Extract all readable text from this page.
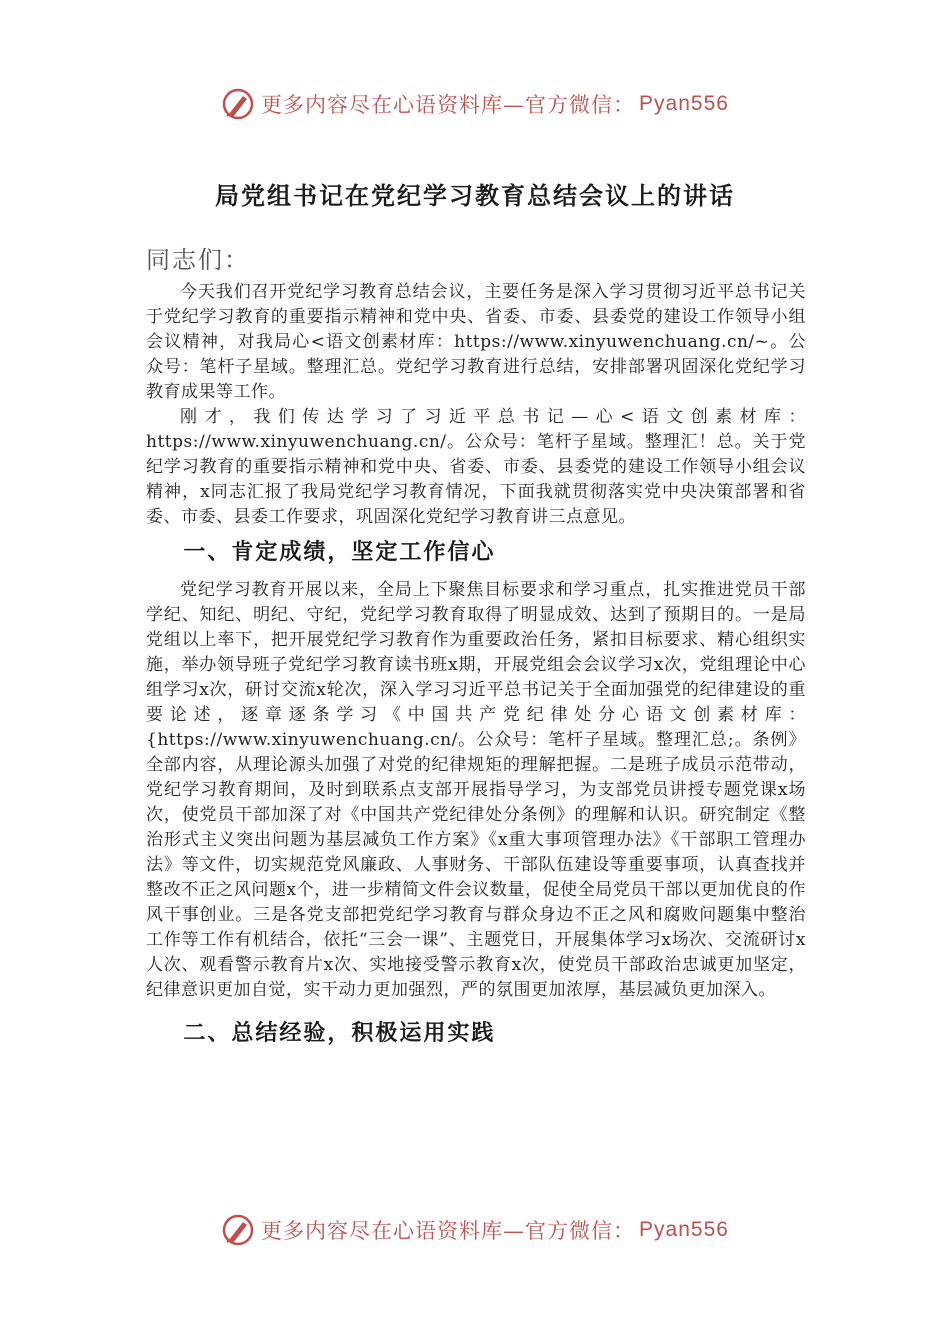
更多内容尽在心语资料库—官方微信： Pyan556
局党组书记在党纪学习教育总结会议上的讲话
同志们：

今天我们召开党纪学习教育总结会议，主要任务是深入学习贯彻习近平总书记关于党纪学习教育的重要指示精神和党中央、省委、市委、县委党的建设工作领导小组会议精神，对我局心<语文创素材库：https://www.xinyuwenchuang.cn/~。公众号：笔杆子星域。整理汇总。党纪学习教育进行总结，安排部署巩固深化党纪学习教育成果等工作。

刚才，我们传达学习了习近平总书记—心<语文创素材库：https://www.xinyuwenchuang.cn/。公众号：笔杆子星域。整理汇！总。关于党纪学习教育的重要指示精神和党中央、省委、市委、县委党的建设工作领导小组会议精神，x同志汇报了我局党纪学习教育情况，下面我就贯彻落实党中央决策部署和省委、市委、县委工作要求，巩固深化党纪学习教育讲三点意见。

一、肯定成绩，坚定工作信心

党纪学习教育开展以来，全局上下聚焦目标要求和学习重点，扎实推进党员干部学纪、知纪、明纪、守纪，党纪学习教育取得了明显成效、达到了预期目的。一是局党组以上率下，把开展党纪学习教育作为重要政治任务，紧扣目标要求、精心组织实施，举办领导班子党纪学习教育读书班x期，开展党组会会议学习x次，党组理论中心组学习x次，研讨交流x轮次，深入学习习近平总书记关于全面加强党的纪律建设的重要论述，逐章逐条学习《中国共产党纪律处分心语文创素材库：{https://www.xinyuwenchuang.cn/。公众号：笔杆子星域。整理汇总;。条例》全部内容，从理论源头加强了对党的纪律规矩的理解把握。二是班子成员示范带动，党纪学习教育期间，及时到联系点支部开展指导学习，为支部党员讲授专题党课x场次，使党员干部加深了对《中国共产党纪律处分条例》的理解和认识。研究制定《整治形式主义突出问题为基层减负工作方案》《x重大事项管理办法》《干部职工管理办法》等文件，切实规范党风廉政、人事财务、干部队伍建设等重要事项，认真查找并整改不正之风问题x个，进一步精简文件会议数量，促使全局党员干部以更加优良的作风干事创业。三是各党支部把党纪学习教育与群众身边不正之风和腐败问题集中整治工作等工作有机结合，依托“三会一课”、主题党日，开展集体学习x场次、交流研讨x人次、观看警示教育片x次、实地接受警示教育x次，使党员干部政治忠诚更加坚定，纪律意识更加自觉，实干动力更加强烈，严的氛围更加浓厚，基层减负更加深入。

二、总结经验，积极运用实践
更多内容尽在心语资料库—官方微信： Pyan556
